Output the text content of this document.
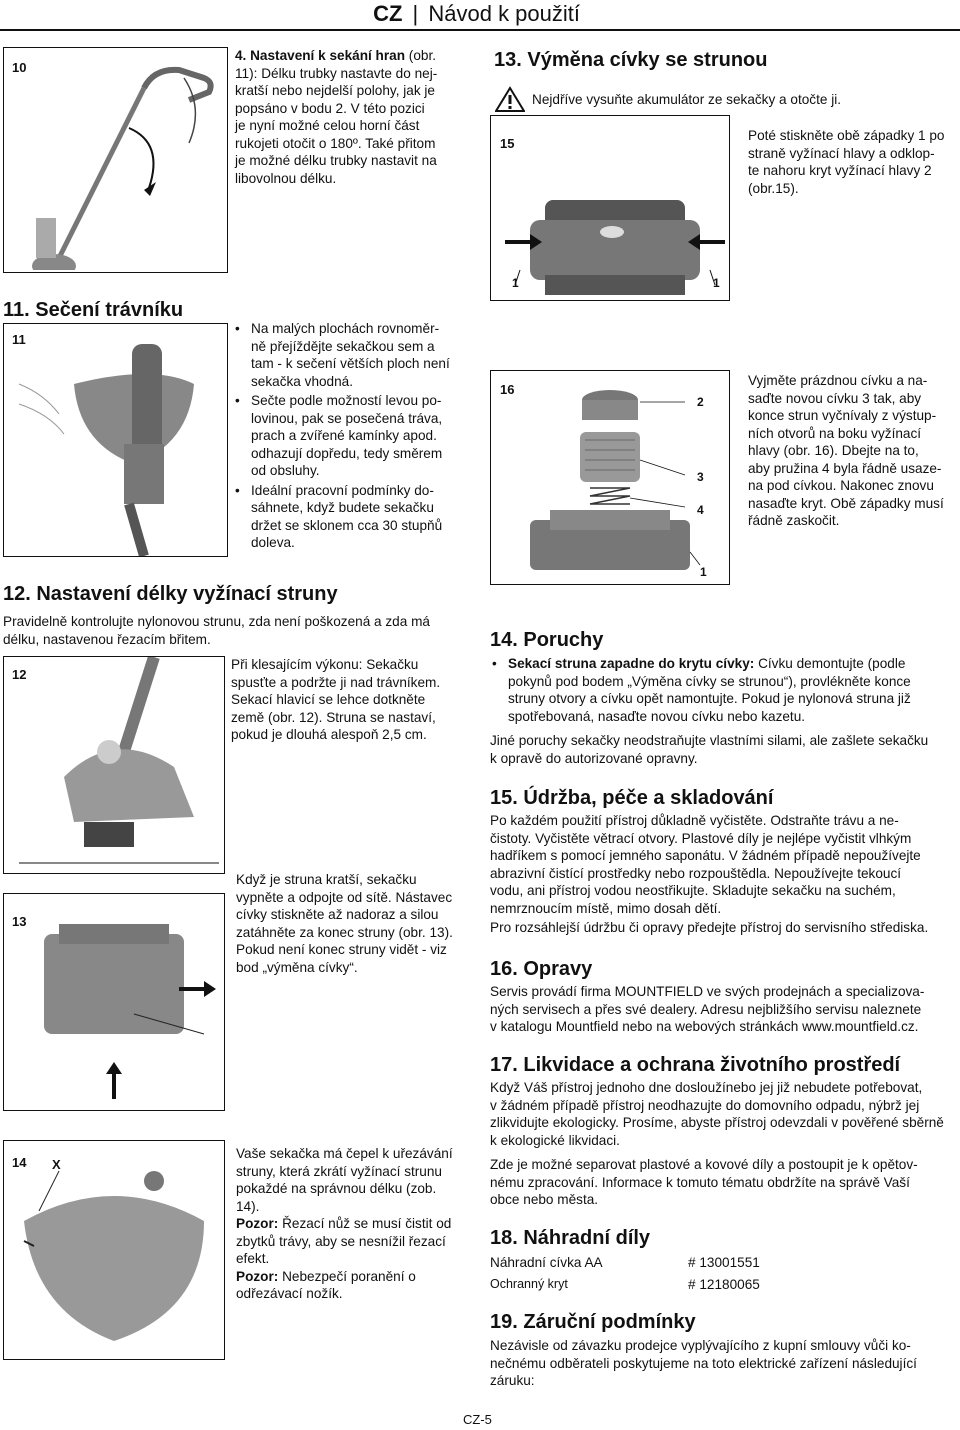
CZ | Návod k použití
10
4. Nastavení k sekání hran (obr.
11): Délku trubky nastavte do nej-
kratší nebo nejdelší polohy, jak je
popsáno v bodu 2. V této pozici
je nyní možné celou horní část
rukojeti otočit o 180º. Také přitom
je možné délku trubky nastavit na
libovolnou délku.
13. Výměna cívky se strunou
Nejdříve vysuňte akumulátor ze sekačky a otočte ji.
15
1	1
Poté stiskněte obě západky 1 po
straně vyžínací hlavy a odklop-
te nahoru kryt vyžínací hlavy 2
(obr.15).
11. Sečení trávníku
11
• Na malých plochách rovnoměr-
ně přejíždějte sekačkou sem a
tam - k sečení větších ploch není
sekačka vhodná.
• Sečte podle možností levou po-
lovinou, pak se posečená tráva,
prach a zvířené kamínky apod.
odhazují dopředu, tedy směrem
od obsluhy.
• Ideální pracovní podmínky do-
sáhnete, když budete sekačku
držet se sklonem cca 30 stupňů
doleva.
16
2
3
4
1
Vyjměte prázdnou cívku a na-
saďte novou cívku 3 tak, aby
konce strun vyčnívaly z výstup-
ních otvorů na boku vyžínací
hlavy (obr. 16). Dbejte na to,
aby pružina 4 byla řádně usaze-
na pod cívkou. Nakonec znovu
nasaďte kryt. Obě západky musí
řádně zaskočit.
12. Nastavení délky vyžínací struny
Pravidelně kontrolujte nylonovou strunu, zda není poškozená a zda má
délku, nastavenou řezacím břitem.
12
Při klesajícím výkonu: Sekačku
spusťte a podržte ji nad trávníkem.
Sekací hlavicí se lehce dotkněte
země (obr. 12). Struna se nastaví,
pokud je dlouhá alespoň 2,5 cm.
13
Když je struna kratší, sekačku
vypněte a odpojte od sítě. Nástavec
cívky stiskněte až nadoraz a silou
zatáhněte za konec struny (obr. 13).
Pokud není konec struny vidět - viz
bod „výměna cívky“.
14 X
Vaše sekačka má čepel k uřezávání
struny, která zkrátí vyžínací strunu
pokaždé na správnou délku (zob.
14).
Pozor: Řezací nůž se musí čistit od
zbytků trávy, aby se nesnížil řezací
efekt.
Pozor: Nebezpečí poranění o
odřezávací nožík.
14. Poruchy
• Sekací struna zapadne do krytu cívky: Cívku demontujte (podle
pokynů pod bodem „Výměna cívky se strunou“), provlékněte konce
struny otvory a cívku opět namontujte. Pokud je nylonová struna již
spotřebovaná, nasaďte novou cívku nebo kazetu.
Jiné poruchy sekačky neodstraňujte vlastními silami, ale zašlete sekačku
k opravě do autorizované opravny.
15. Údržba, péče a skladování
Po každém použití přístroj důkladně vyčistěte. Odstraňte trávu a ne-
čistoty. Vyčistěte větrací otvory. Plastové díly je nejlépe vyčistit vlhkým
hadříkem s pomocí jemného saponátu. V žádném případě nepoužívejte
abrazivní čistící prostředky nebo rozpouštědla. Nepoužívejte tekoucí
vodu, ani přístroj vodou neostřikujte. Skladujte sekačku na suchém,
nemrznoucím místě, mimo dosah dětí.
Pro rozsáhlejší údržbu či opravy předejte přístroj do servisního střediska.
16. Opravy
Servis provádí firma MOUNTFIELD ve svých prodejnách a specializova-
ných servisech a přes své dealery. Adresu nejbližšího servisu naleznete
v katalogu Mountfield nebo na webových stránkách www.mountfield.cz.
17. Likvidace a ochrana životního prostředí
Když Váš přístroj jednoho dne dosloužínebo jej již nebudete potřebovat,
v žádném případě přístroj neodhazujte do domovního odpadu, nýbrž jej
zlikvidujte ekologicky. Prosíme, abyste přístroj odevzdali v pověřené sběrně
k ekologické likvidaci.
Zde je možné separovat plastové a kovové díly a postoupit je k opětov-
nému zpracování. Informace k tomuto tématu obdržíte na správě Vaší
obce nebo města.
18. Náhradní díly
Náhradní cívka AA	# 13001551
Ochranný kryt	# 12180065
19. Záruční podmínky
Nezávisle od závazku prodejce vyplývajícího z kupní smlouvy vůči ko-
nečnému odběrateli poskytujeme na toto elektrické zařízení následující
záruku:
CZ-5
